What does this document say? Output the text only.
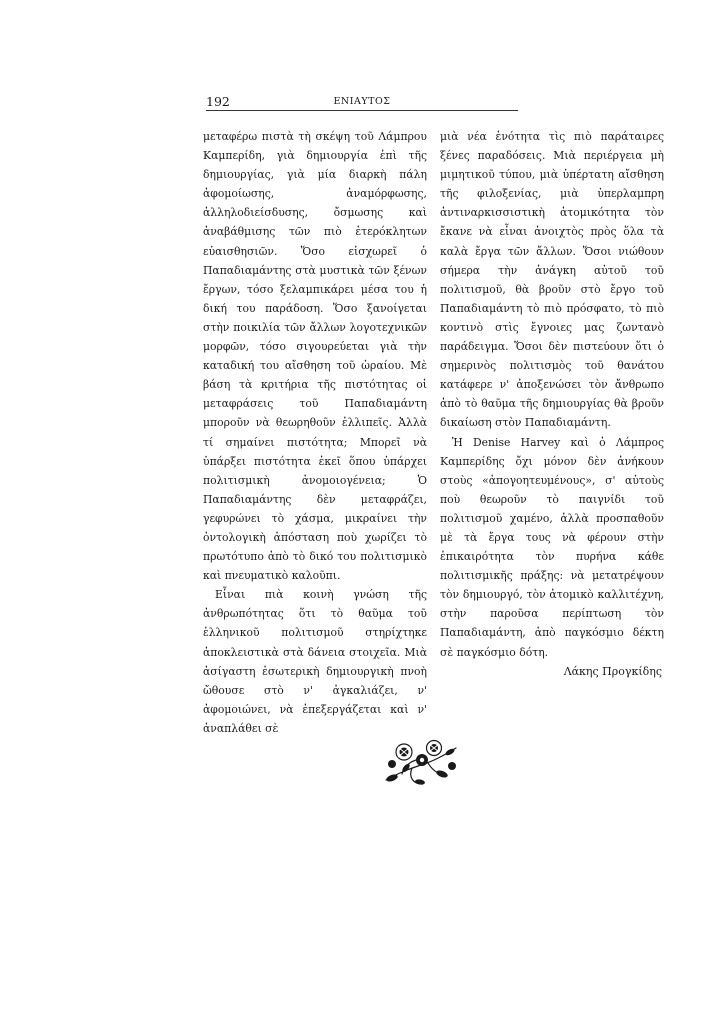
192	ΕΝΙΑΥΤΟΣ

μεταφέρω πιστὰ τὴ σκέψη τοῦ Λάμπρου Καμπερίδη, γιὰ δημιουργία ἐπὶ τῆς δημιουργίας, γιὰ μία διαρκὴ πάλη ἀφομοίωσης, ἀναμόρφωσης, ἀλληλοδιείσδυσης, ὄσμωσης καὶ ἀναβάθμισης τῶν πιὸ ἑτερόκλητων εὐαισθησιῶν. Ὅσο εἰσχωρεῖ ὁ Παπαδιαμάντης στὰ μυστικὰ τῶν ξένων ἔργων, τόσο ξελαμπικάρει μέσα του ἡ δική του παράδοση. Ὅσο ξανοίγεται στὴν ποικιλία τῶν ἄλλων λογοτεχνικῶν μορφῶν, τόσο σιγουρεύεται γιὰ τὴν καταδική του αἴσθηση τοῦ ὡραίου. Μὲ βάση τὰ κριτήρια τῆς πιστότητας οἱ μεταφράσεις τοῦ Παπαδιαμάντη μποροῦν νὰ θεωρηθοῦν ἐλλιπεῖς. Ἀλλὰ τί σημαίνει πιστότητα; Μπορεῖ νὰ ὑπάρξει πιστότητα ἐκεῖ ὅπου ὑπάρχει πολιτισμικὴ ἀνομοιογένεια; Ὁ Παπαδιαμάντης δὲν μεταφράζει, γεφυρώνει τὸ χάσμα, μικραίνει τὴν ὀντολογικὴ ἀπόσταση ποὺ χωρίζει τὸ πρωτότυπο ἀπὸ τὸ δικό του πολιτισμικὸ καὶ πνευματικὸ καλοῦπι.

Εἶναι πιὰ κοινὴ γνώση τῆς ἀνθρωπότητας ὅτι τὸ θαῦμα τοῦ ἑλληνικοῦ πολιτισμοῦ στηρίχτηκε ἀποκλειστικὰ στὰ δάνεια στοιχεῖα. Μιὰ ἀσίγαστη ἐσωτερικὴ δημιουργικὴ πνοὴ ὤθουσε στὸ ν' ἀγκαλιάζει, ν' ἀφομοιώνει, νὰ ἐπεξεργάζεται καὶ ν' ἀναπλάθει σὲ

μιὰ νέα ἑνότητα τὶς πιὸ παράταιρες ξένες παραδόσεις. Μιὰ περιέργεια μὴ μιμητικοῦ τύπου, μιὰ ὑπέρτατη αἴσθηση τῆς φιλοξενίας, μιὰ ὑπερλαμπρη ἀντιναρκισσιστικὴ ἀτομικότητα τὸν ἔκανε νὰ εἶναι ἀνοιχτὸς πρὸς ὅλα τὰ καλὰ ἔργα τῶν ἄλλων. Ὅσοι νιώθουν σήμερα τὴν ἀνάγκη αὐτοῦ τοῦ πολιτισμοῦ, θὰ βροῦν στὸ ἔργο τοῦ Παπαδιαμάντη τὸ πιὸ πρόσφατο, τὸ πιὸ κοντινὸ στὶς ἔγνοιες μας ζωντανὸ παράδειγμα. Ὅσοι δὲν πιστεύουν ὅτι ὁ σημερινὸς πολιτισμὸς τοῦ θανάτου κατάφερε ν' ἀποξενώσει τὸν ἄνθρωπο ἀπὸ τὸ θαῦμα τῆς δημιουργίας θὰ βροῦν δικαίωση στὸν Παπαδιαμάντη.

Ἡ Denise Harvey καὶ ὁ Λάμπρος Καμπερίδης ὄχι μόνον δὲν ἀνήκουν στοὺς «ἀπογοητευμένους», σ' αὐτοὺς ποὺ θεωροῦν τὸ παιγνίδι τοῦ πολιτισμοῦ χαμένο, ἀλλὰ προσπαθοῦν μὲ τὰ ἔργα τους νὰ φέρουν στὴν ἐπικαιρότητα τὸν πυρήνα κάθε πολιτισμικῆς πράξης: νὰ μετατρέψουν τὸν δημιουργό, τὸν ἀτομικὸ καλλιτέχνη, στὴν παροῦσα περίπτωση τὸν Παπαδιαμάντη, ἀπὸ παγκόσμιο δέκτη σὲ παγκόσμιο δότη.

Λάκης Προγκίδης
